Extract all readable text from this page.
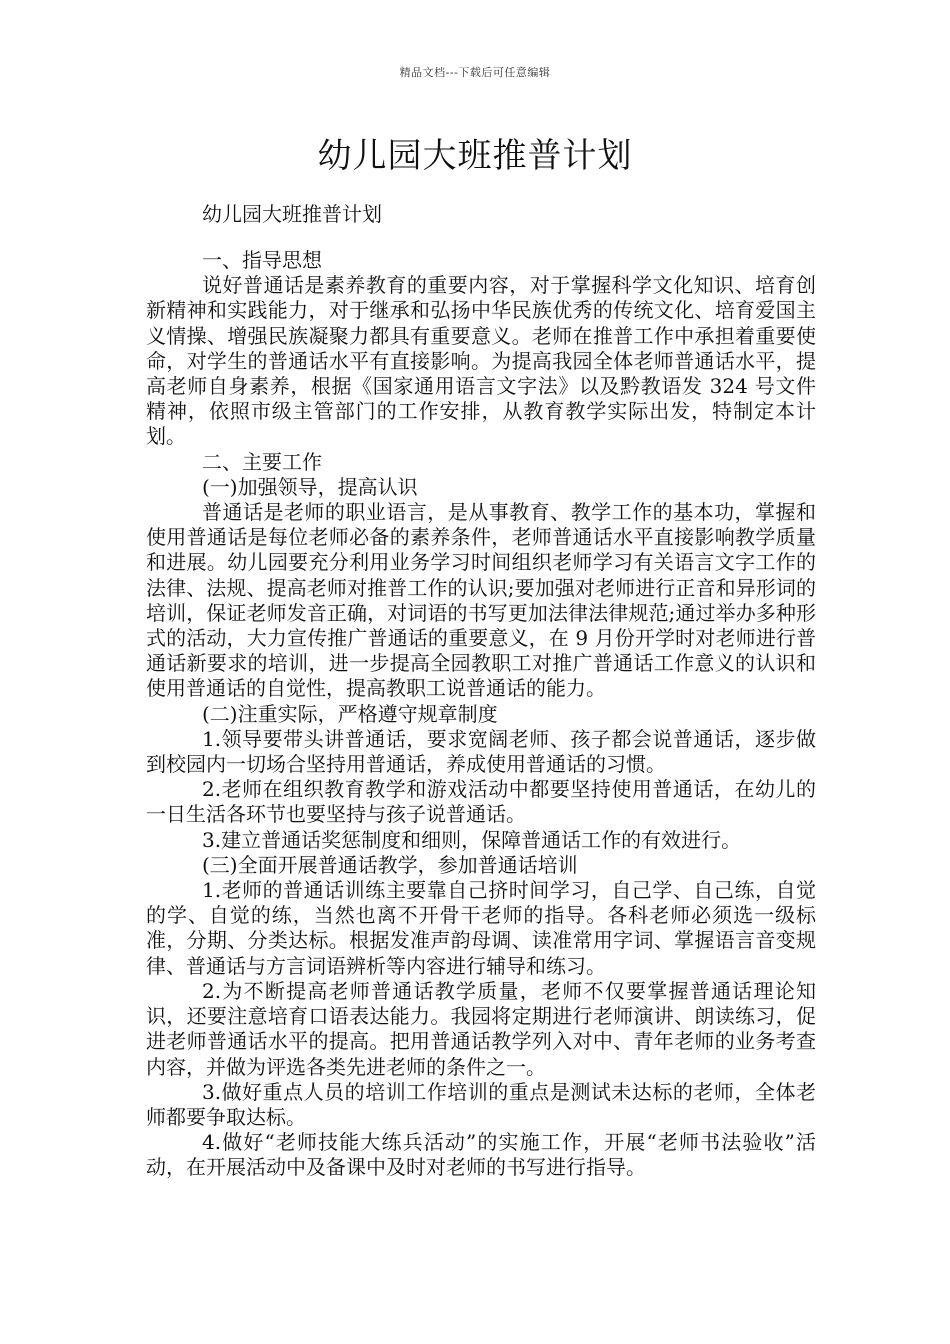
精品文档---下载后可任意编辑
幼儿园大班推普计划
幼儿园大班推普计划

一、指导思想

说好普通话是素养教育的重要内容，对于掌握科学文化知识、培育创新精神和实践能力，对于继承和弘扬中华民族优秀的传统文化、培育爱国主义情操、增强民族凝聚力都具有重要意义。老师在推普工作中承担着重要使命，对学生的普通话水平有直接影响。为提高我园全体老师普通话水平，提高老师自身素养，根据《国家通用语言文字法》以及黔教语发 324 号文件精神，依照市级主管部门的工作安排，从教育教学实际出发，特制定本计划。

二、主要工作

(一)加强领导，提高认识

普通话是老师的职业语言，是从事教育、教学工作的基本功，掌握和使用普通话是每位老师必备的素养条件，老师普通话水平直接影响教学质量和进展。幼儿园要充分利用业务学习时间组织老师学习有关语言文字工作的法律、法规、提高老师对推普工作的认识;要加强对老师进行正音和异形词的培训，保证老师发音正确，对词语的书写更加法律法律规范;通过举办多种形式的活动，大力宣传推广普通话的重要意义，在 9 月份开学时对老师进行普通话新要求的培训，进一步提高全园教职工对推广普通话工作意义的认识和使用普通话的自觉性，提高教职工说普通话的能力。

(二)注重实际，严格遵守规章制度

1.领导要带头讲普通话，要求宽阔老师、孩子都会说普通话，逐步做到校园内一切场合坚持用普通话，养成使用普通话的习惯。

2.老师在组织教育教学和游戏活动中都要坚持使用普通话，在幼儿的一日生活各环节也要坚持与孩子说普通话。

3.建立普通话奖惩制度和细则，保障普通话工作的有效进行。

(三)全面开展普通话教学，参加普通话培训

1.老师的普通话训练主要靠自己挤时间学习，自己学、自己练，自觉的学、自觉的练，当然也离不开骨干老师的指导。各科老师必须选一级标准，分期、分类达标。根据发准声韵母调、读准常用字词、掌握语言音变规律、普通话与方言词语辨析等内容进行辅导和练习。

2.为不断提高老师普通话教学质量，老师不仅要掌握普通话理论知识，还要注意培育口语表达能力。我园将定期进行老师演讲、朗读练习，促进老师普通话水平的提高。把用普通话教学列入对中、青年老师的业务考查内容，并做为评选各类先进老师的条件之一。

3.做好重点人员的培训工作培训的重点是测试未达标的老师，全体老师都要争取达标。

4.做好“老师技能大练兵活动”的实施工作，开展“老师书法验收”活动，在开展活动中及备课中及时对老师的书写进行指导。
